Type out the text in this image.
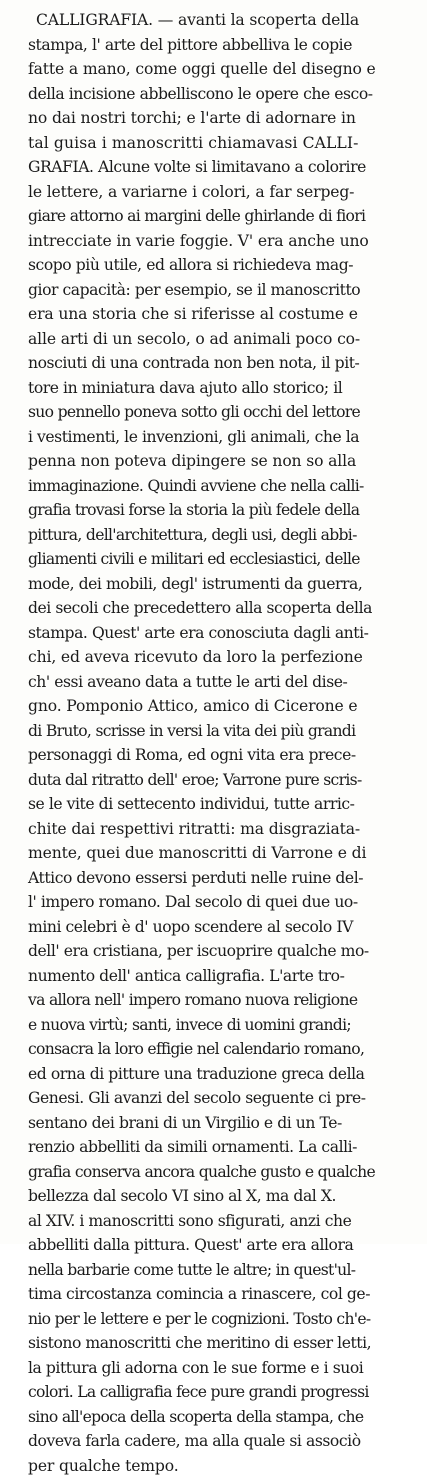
CALLIGRAFIA. — avanti la scoperta della
stampa, l' arte del pittore abbelliva le copie
fatte a mano, come oggi quelle del disegno e
della incisione abbelliscono le opere che esco-
no dai nostri torchi; e l'arte di adornare in
tal guisa i manoscritti chiamavasi CALLI-
GRAFIA. Alcune volte si limitavano a colorire
le lettere, a variarne i colori, a far serpeg-
giare attorno ai margini delle ghirlande di fiori
intrecciate in varie foggie. V' era anche uno
scopo più utile, ed allora si richiedeva mag-
gior capacità: per esempio, se il manoscritto
era una storia che si riferisse al costume e
alle arti di un secolo, o ad animali poco co-
nosciuti di una contrada non ben nota, il pit-
tore in miniatura dava ajuto allo storico; il
suo pennello poneva sotto gli occhi del lettore
i vestimenti, le invenzioni, gli animali, che la
penna non poteva dipingere se non so alla
immaginazione. Quindi avviene che nella calli-
grafia trovasi forse la storia la più fedele della
pittura, dell'architettura, degli usi, degli abbi-
gliamenti civili e militari ed ecclesiastici, delle
mode, dei mobili, degl' istrumenti da guerra,
dei secoli che precedettero alla scoperta della
stampa. Quest' arte era conosciuta dagli anti-
chi, ed aveva ricevuto da loro la perfezione
ch' essi aveano data a tutte le arti del dise-
gno. Pomponio Attico, amico di Cicerone e
di Bruto, scrisse in versi la vita dei più grandi
personaggi di Roma, ed ogni vita era prece-
duta dal ritratto dell' eroe; Varrone pure scris-
se le vite di settecento individui, tutte arric-
chite dai respettivi ritratti: ma disgraziata-
mente, quei due manoscritti di Varrone e di
Attico devono essersi perduti nelle ruine del-
l' impero romano. Dal secolo di quei due uo-
mini celebri è d' uopo scendere al secolo IV
dell' era cristiana, per iscuoprire qualche mo-
numento dell' antica calligrafia. L'arte tro-
va allora nell' impero romano nuova religione
e nuova virtù; santi, invece di uomini grandi;
consacra la loro effigie nel calendario romano,
ed orna di pitture una traduzione greca della
Genesi. Gli avanzi del secolo seguente ci pre-
sentano dei brani di un Virgilio e di un Te-
renzio abbelliti da simili ornamenti. La calli-
grafia conserva ancora qualche gusto e qualche
bellezza dal secolo VI sino al X, ma dal X.
al XIV. i manoscritti sono sfigurati, anzi che
abbelliti dalla pittura. Quest' arte era allora
nella barbarie come tutte le altre; in quest'ul-
tima circostanza comincia a rinascere, col ge-
nio per le lettere e per le cognizioni. Tosto ch'e-
sistono manoscritti che meritino di esser letti,
la pittura gli adorna con le sue forme e i suoi
colori. La calligrafia fece pure grandi progressi
sino all'epoca della scoperta della stampa, che
doveva farla cadere, ma alla quale si associò
per qualche tempo.
